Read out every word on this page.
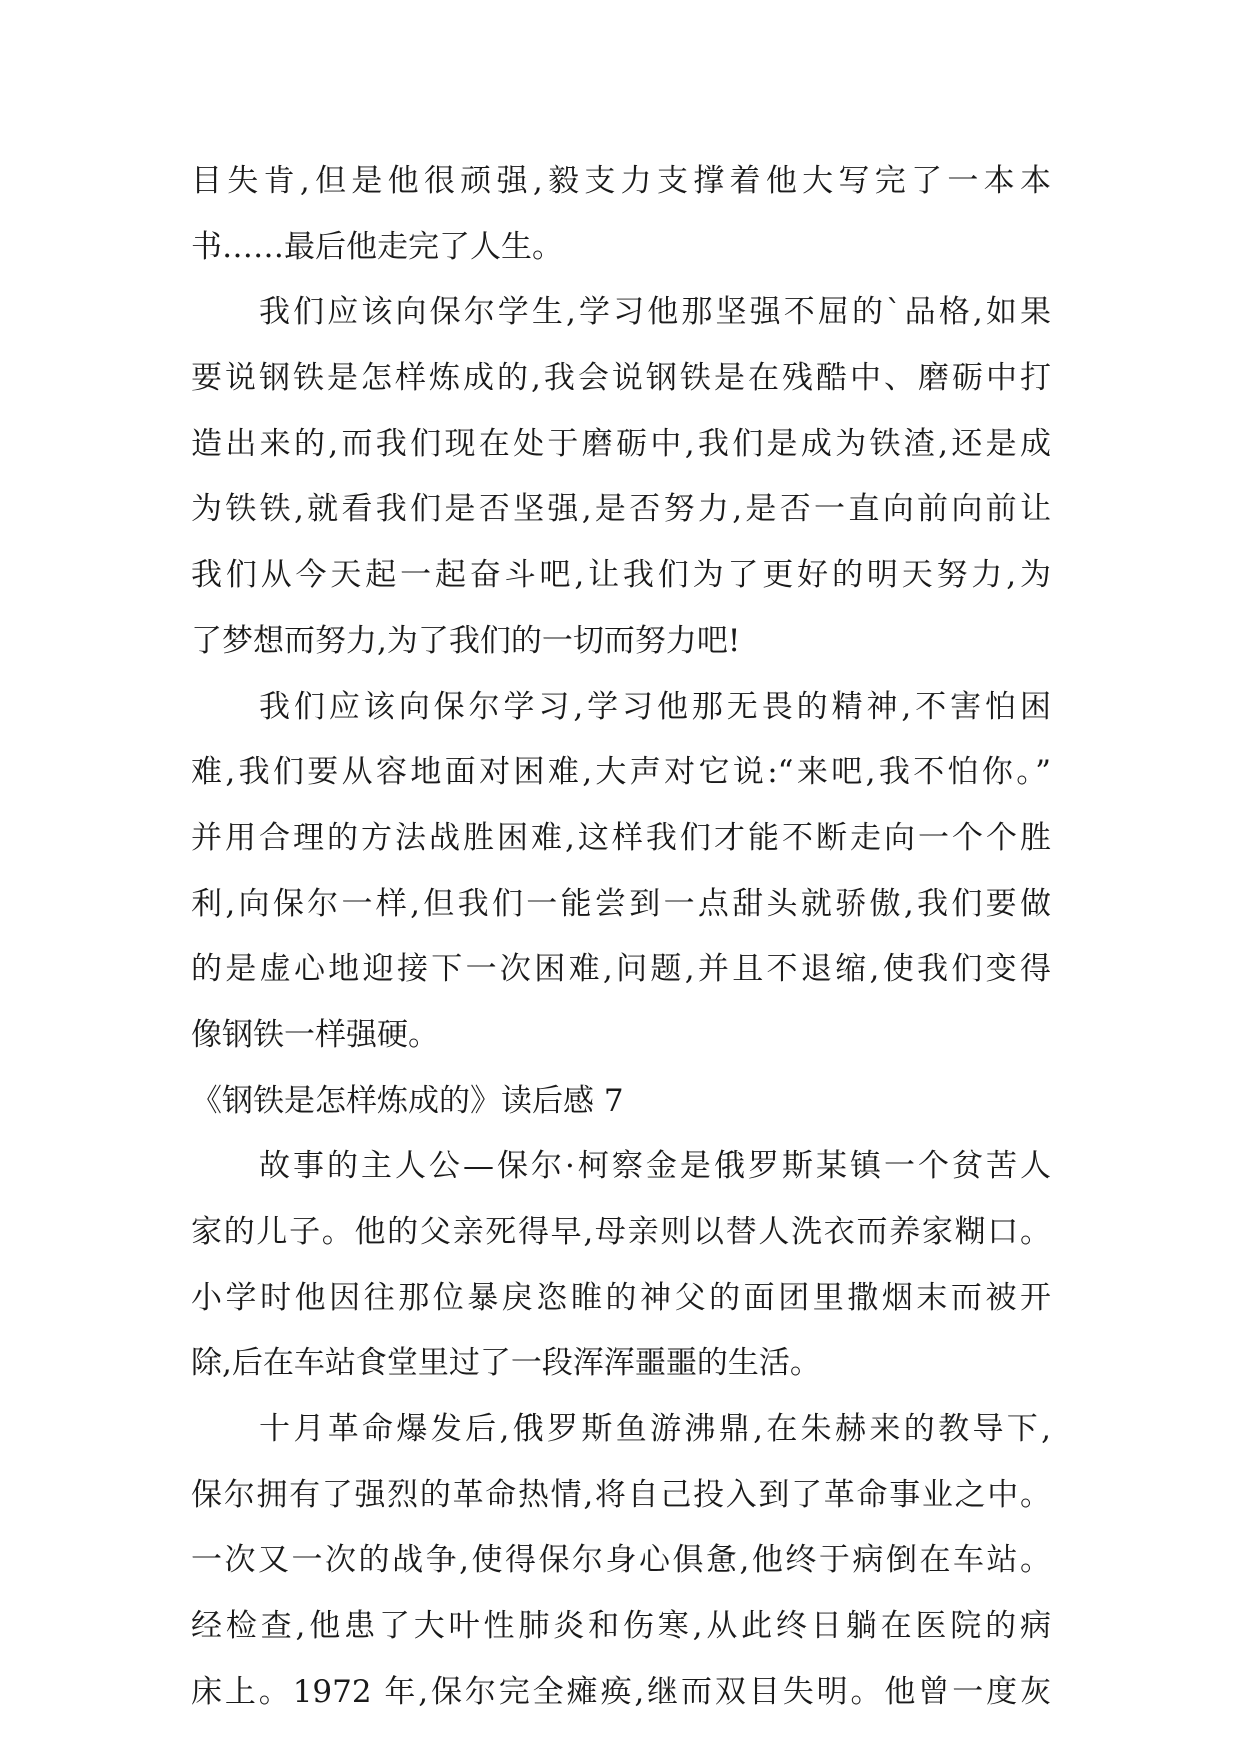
目失肯,但是他很顽强,毅支力支撑着他大写完了一本本
书……最后他走完了人生。
我们应该向保尔学生,学习他那坚强不屈的`品格,如果
要说钢铁是怎样炼成的,我会说钢铁是在残酷中、磨砺中打
造出来的,而我们现在处于磨砺中,我们是成为铁渣,还是成
为铁铁,就看我们是否坚强,是否努力,是否一直向前向前让
我们从今天起一起奋斗吧,让我们为了更好的明天努力,为
了梦想而努力,为了我们的一切而努力吧!
我们应该向保尔学习,学习他那无畏的精神,不害怕困
难,我们要从容地面对困难,大声对它说:“来吧,我不怕你。”
并用合理的方法战胜困难,这样我们才能不断走向一个个胜
利,向保尔一样,但我们一能尝到一点甜头就骄傲,我们要做
的是虚心地迎接下一次困难,问题,并且不退缩,使我们变得
像钢铁一样强硬。
《钢铁是怎样炼成的》读后感 7
故事的主人公—保尔·柯察金是俄罗斯某镇一个贫苦人
家的儿子。他的父亲死得早,母亲则以替人洗衣而养家糊口。
小学时他因往那位暴戾恣睢的神父的面团里撒烟末而被开
除,后在车站食堂里过了一段浑浑噩噩的生活。
十月革命爆发后,俄罗斯鱼游沸鼎,在朱赫来的教导下,
保尔拥有了强烈的革命热情,将自己投入到了革命事业之中。
一次又一次的战争,使得保尔身心俱惫,他终于病倒在车站。
经检查,他患了大叶性肺炎和伤寒,从此终日躺在医院的病
床上。1972 年,保尔完全瘫痪,继而双目失明。他曾一度灰
